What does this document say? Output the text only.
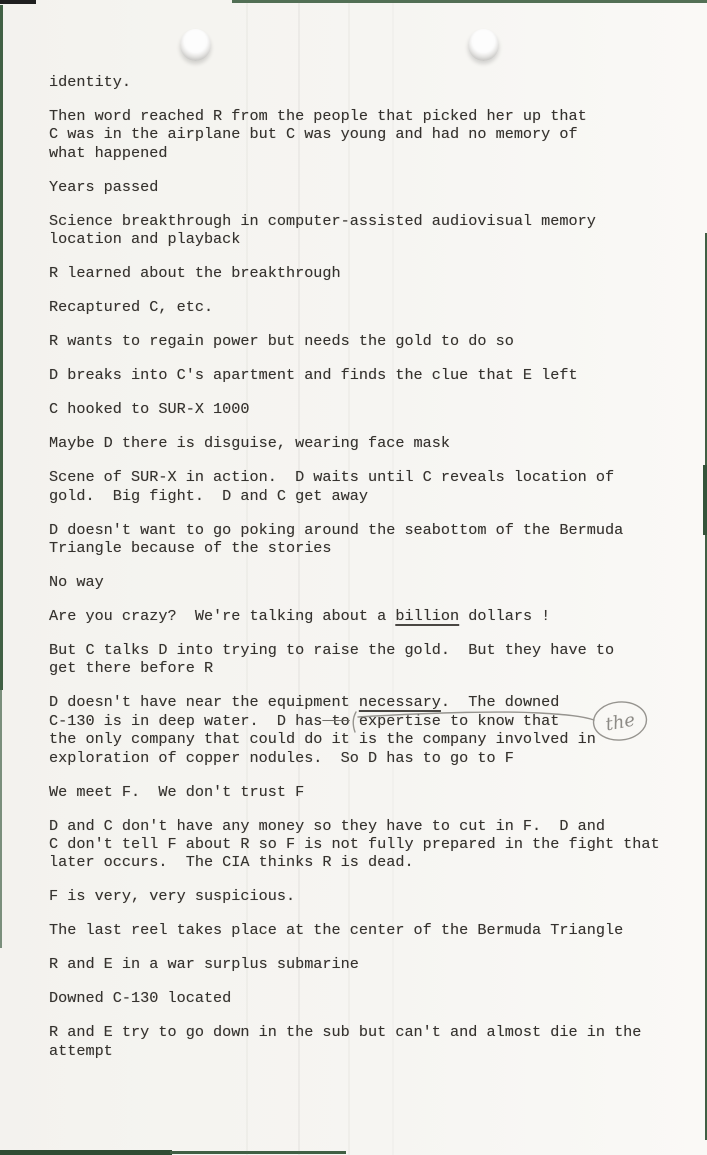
identity.
Then word reached R from the people that picked her up that
C was in the airplane but C was young and had no memory of
what happened
Years passed
Science breakthrough in computer-assisted audiovisual memory
location and playback
R learned about the breakthrough
Recaptured C, etc.
R wants to regain power but needs the gold to do so
D breaks into C's apartment and finds the clue that E left
C hooked to SUR-X 1000
Maybe D there is disguise, wearing face mask
Scene of SUR-X in action.  D waits until C reveals location of
gold.  Big fight.  D and C get away
D doesn't want to go poking around the seabottom of the Bermuda
Triangle because of the stories
No way
Are you crazy?  We're talking about a billion dollars !
But C talks D into trying to raise the gold.  But they have to
get there before R
D doesn't have near the equipment necessary.  The downed
C-130 is in deep water.  D has to expertise to know that
the only company that could do it is the company involved in
exploration of copper nodules.  So D has to go to F
We meet F.  We don't trust F
D and C don't have any money so they have to cut in F.  D and
C don't tell F about R so F is not fully prepared in the fight that
later occurs.  The CIA thinks R is dead.
F is very, very suspicious.
The last reel takes place at the center of the Bermuda Triangle
R and E in a war surplus submarine
Downed C-130 located
R and E try to go down in the sub but can't and almost die in the
attempt
the
